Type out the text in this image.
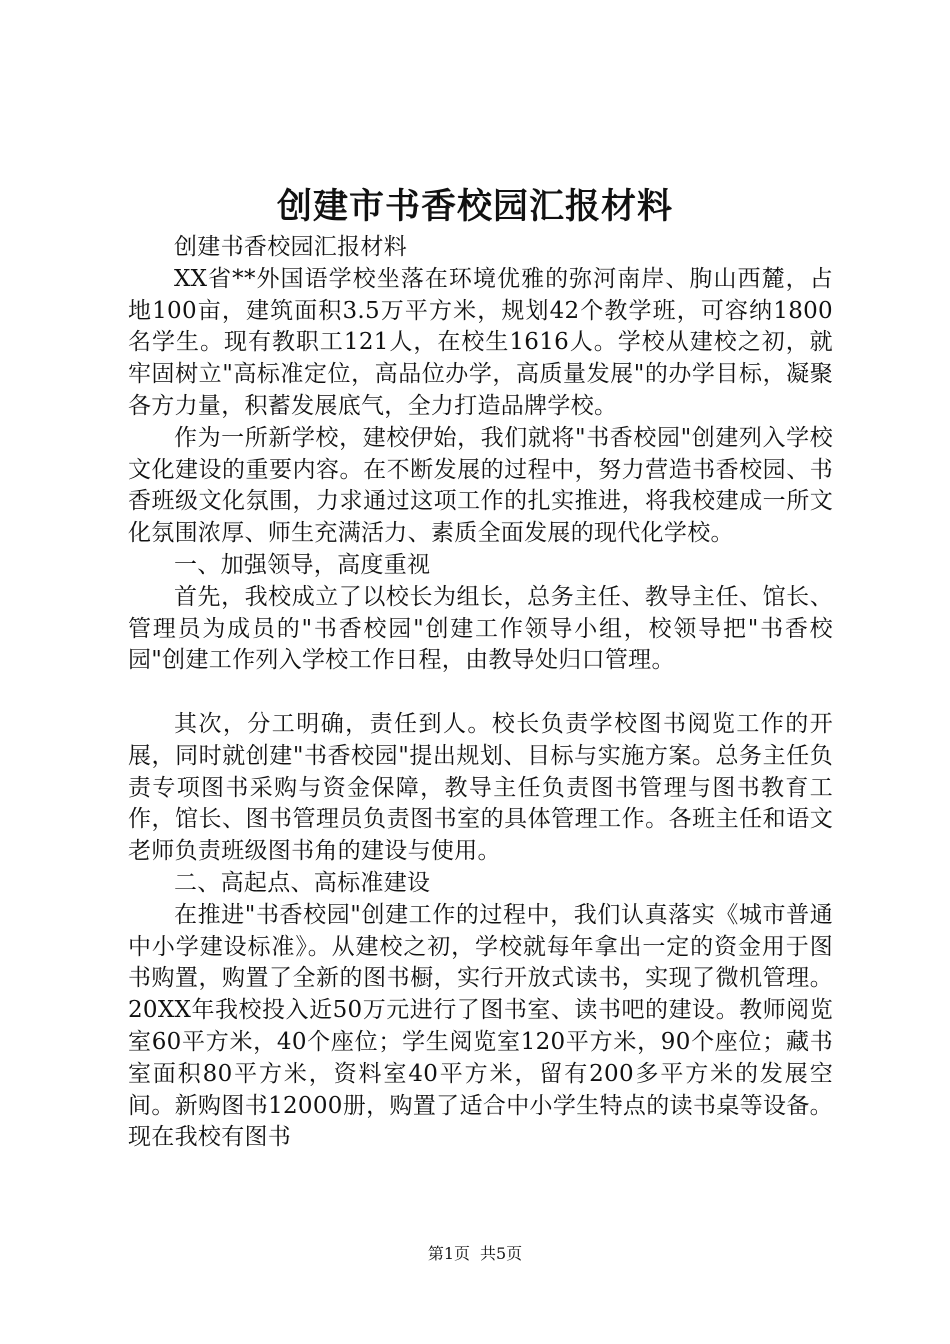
创建市书香校园汇报材料

创建书香校园汇报材料

XX省**外国语学校坐落在环境优雅的弥河南岸、朐山西麓，占地100亩，建筑面积3.5万平方米，规划42个教学班，可容纳1800名学生。现有教职工121人，在校生1616人。学校从建校之初，就牢固树立"高标准定位，高品位办学，高质量发展"的办学目标，凝聚各方力量，积蓄发展底气，全力打造品牌学校。

作为一所新学校，建校伊始，我们就将"书香校园"创建列入学校文化建设的重要内容。在不断发展的过程中，努力营造书香校园、书香班级文化氛围，力求通过这项工作的扎实推进，将我校建成一所文化氛围浓厚、师生充满活力、素质全面发展的现代化学校。

一、加强领导，高度重视

首先，我校成立了以校长为组长，总务主任、教导主任、馆长、管理员为成员的"书香校园"创建工作领导小组，校领导把"书香校园"创建工作列入学校工作日程，由教导处归口管理。

其次，分工明确，责任到人。校长负责学校图书阅览工作的开展，同时就创建"书香校园"提出规划、目标与实施方案。总务主任负责专项图书采购与资金保障，教导主任负责图书管理与图书教育工作，馆长、图书管理员负责图书室的具体管理工作。各班主任和语文老师负责班级图书角的建设与使用。

二、高起点、高标准建设

在推进"书香校园"创建工作的过程中，我们认真落实《城市普通中小学建设标准》。从建校之初，学校就每年拿出一定的资金用于图书购置，购置了全新的图书橱，实行开放式读书，实现了微机管理。20XX年我校投入近50万元进行了图书室、读书吧的建设。教师阅览室60平方米，40个座位；学生阅览室120平方米，90个座位；藏书室面积80平方米，资料室40平方米，留有200多平方米的发展空间。新购图书12000册，购置了适合中小学生特点的读书桌等设备。现在我校有图书

第1页 共5页
